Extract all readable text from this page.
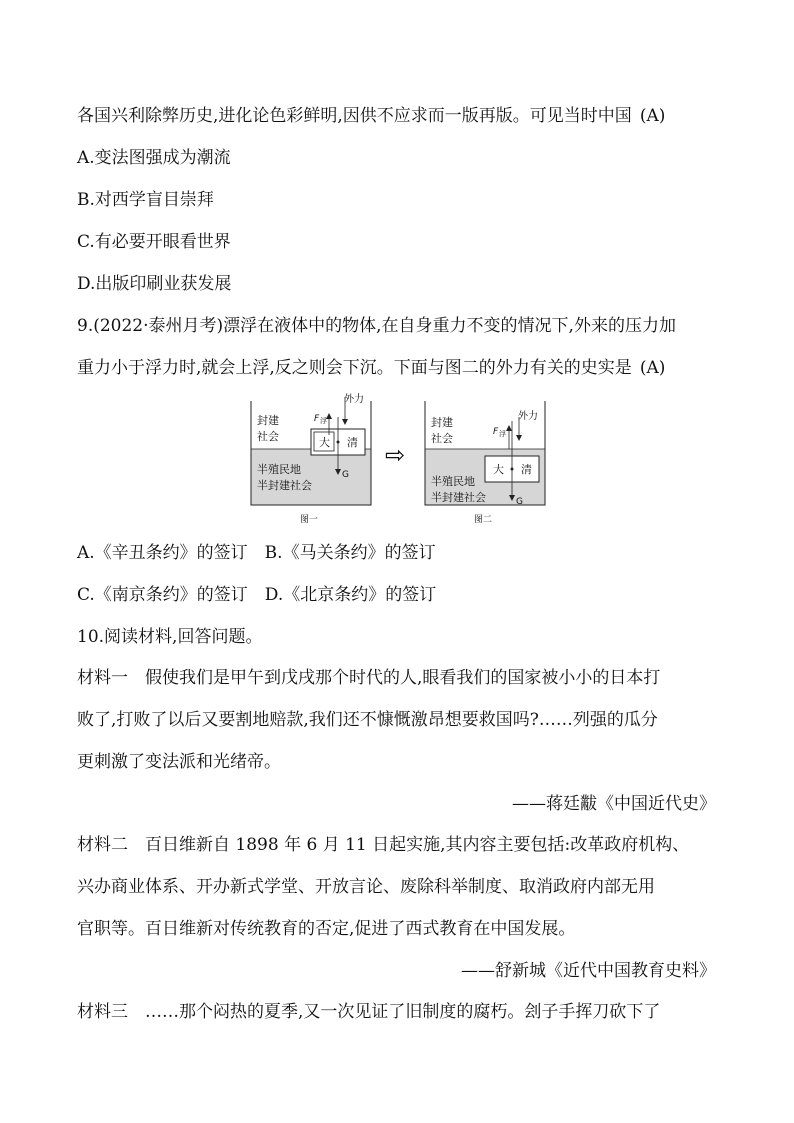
各国兴利除弊历史,进化论色彩鲜明,因供不应求而一版再版。可见当时中国 (A)
A.变法图强成为潮流
B.对西学盲目崇拜
C.有必要开眼看世界
D.出版印刷业获发展
9.(2022·泰州月考)漂浮在液体中的物体,在自身重力不变的情况下,外来的压力加
重力小于浮力时,就会上浮,反之则会下沉。下面与图二的外力有关的史实是 (A)
大 清
外力
F 浮
G
封建
社会
半殖民地
半封建社会
图一
⇨
大 清
外力
F 浮
G
封建
社会
半殖民地
半封建社会
图二
A.《辛丑条约》的签订　B.《马关条约》的签订
C.《南京条约》的签订　D.《北京条约》的签订
10.阅读材料,回答问题。
材料一　假使我们是甲午到戊戌那个时代的人,眼看我们的国家被小小的日本打
败了,打败了以后又要割地赔款,我们还不慷慨激昂想要救国吗?……列强的瓜分
更刺激了变法派和光绪帝。
——蒋廷黻《中国近代史》
材料二　百日维新自 1898 年 6 月 11 日起实施,其内容主要包括:改革政府机构、
兴办商业体系、开办新式学堂、开放言论、废除科举制度、取消政府内部无用
官职等。百日维新对传统教育的否定,促进了西式教育在中国发展。
——舒新城《近代中国教育史料》
材料三　……那个闷热的夏季,又一次见证了旧制度的腐朽。刽子手挥刀砍下了
